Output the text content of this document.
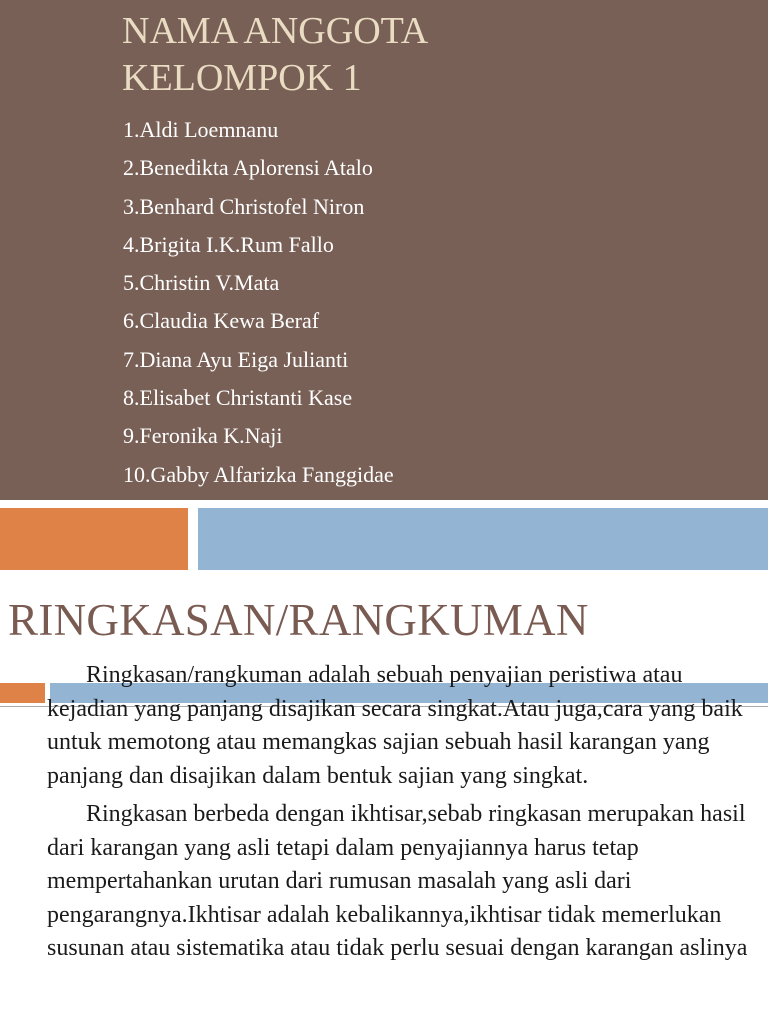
NAMA ANGGOTA
KELOMPOK 1
1.Aldi Loemnanu
2.Benedikta Aplorensi Atalo
3.Benhard Christofel Niron
4.Brigita I.K.Rum Fallo
5.Christin V.Mata
6.Claudia Kewa Beraf
7.Diana Ayu Eiga Julianti
8.Elisabet Christanti Kase
9.Feronika K.Naji
10.Gabby Alfarizka Fanggidae
RINGKASAN/RANGKUMAN

Ringkasan/rangkuman adalah sebuah penyajian peristiwa atau kejadian yang panjang disajikan secara singkat.Atau juga,cara yang baik untuk memotong atau memangkas sajian sebuah hasil karangan yang panjang dan disajikan dalam bentuk sajian yang singkat.

Ringkasan berbeda dengan ikhtisar,sebab ringkasan merupakan hasil dari karangan yang asli tetapi dalam penyajiannya harus tetap mempertahankan urutan dari rumusan masalah yang asli dari pengarangnya.Ikhtisar adalah kebalikannya,ikhtisar tidak memerlukan susunan atau sistematika atau tidak perlu sesuai dengan karangan aslinya
